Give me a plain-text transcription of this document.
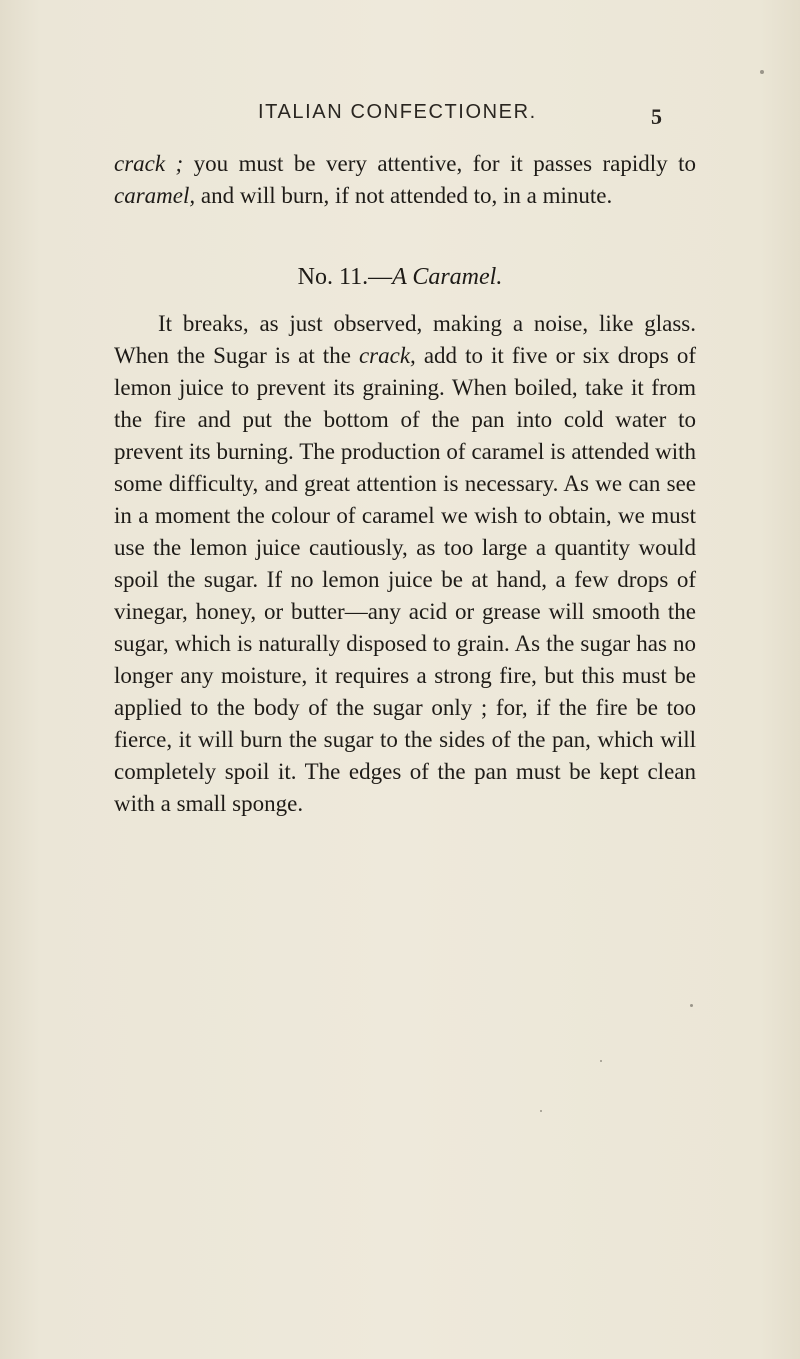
ITALIAN CONFECTIONER.	5
crack ; you must be very attentive, for it passes rapidly to caramel, and will burn, if not attended to, in a minute.
No. 11.—A Caramel.
It breaks, as just observed, making a noise, like glass. When the Sugar is at the crack, add to it five or six drops of lemon juice to prevent its graining. When boiled, take it from the fire and put the bottom of the pan into cold water to prevent its burning. The production of caramel is attended with some difficulty, and great attention is necessary. As we can see in a moment the colour of caramel we wish to obtain, we must use the lemon juice cautiously, as too large a quantity would spoil the sugar. If no lemon juice be at hand, a few drops of vinegar, honey, or butter—any acid or grease will smooth the sugar, which is naturally disposed to grain. As the sugar has no longer any moisture, it requires a strong fire, but this must be applied to the body of the sugar only ; for, if the fire be too fierce, it will burn the sugar to the sides of the pan, which will completely spoil it. The edges of the pan must be kept clean with a small sponge.
